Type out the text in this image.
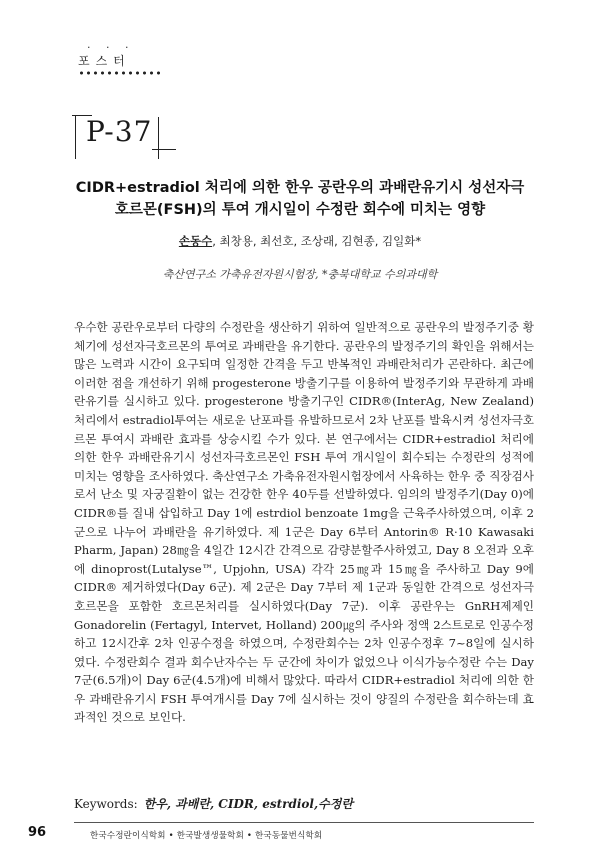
. . .
포스터
P-37
CIDR+estradiol 처리에 의한 한우 공란우의 과배란유기시 성선자극
호르몬(FSH)의 투여 개시일이 수정란 회수에 미치는 영향
손동수, 최창용, 최선호, 조상래, 김현종, 김일화*
축산연구소 가축유전자원시험장, *충북대학교 수의과대학
우수한 공란우로부터 다량의 수정란을 생산하기 위하여 일반적으로 공란우의 발정주기중 황체기에 성선자극호르몬의 투여로 과배란을 유기한다. 공란우의 발정주기의 확인을 위해서는 많은 노력과 시간이 요구되며 일정한 간격을 두고 반복적인 과배란처리가 곤란하다. 최근에 이러한 점을 개선하기 위해 progesterone 방출기구를 이용하여 발정주기와 무관하게 과배란유기를 실시하고 있다. progesterone 방출기구인 CIDR®(InterAg, New Zealand) 처리에서 estradiol투여는 새로운 난포파를 유발하므로서 2차 난포를 발육시켜 성선자극호르몬 투여시 과배란 효과를 상승시킬 수가 있다. 본 연구에서는 CIDR+estradiol 처리에 의한 한우 과배란유기시 성선자극호르몬인 FSH 투여 개시일이 회수되는 수정란의 성적에 미치는 영향을 조사하였다. 축산연구소 가축유전자원시험장에서 사육하는 한우 중 직장검사로서 난소 및 자궁질환이 없는 건강한 한우 40두를 선발하였다. 임의의 발정주기(Day 0)에 CIDR®를 질내 삽입하고 Day 1에 estrdiol benzoate 1mg을 근육주사하였으며, 이후 2군으로 나누어 과배란을 유기하였다. 제 1군은 Day 6부터 Antorin® R·10 Kawasaki Pharm, Japan) 28㎎을 4일간 12시간 간격으로 감량분할주사하였고, Day 8 오전과 오후에 dinoprost(Lutalyse™, Upjohn, USA) 각각 25㎎과 15㎎을 주사하고 Day 9에 CIDR® 제거하였다(Day 6군). 제 2군은 Day 7부터 제 1군과 동일한 간격으로 성선자극호르몬을 포함한 호르몬처리를 실시하였다(Day 7군). 이후 공란우는 GnRH제제인 Gonadorelin (Fertagyl, Intervet, Holland) 200㎍의 주사와 정액 2스트로로 인공수정하고 12시간후 2차 인공수정을 하였으며, 수정란회수는 2차 인공수정후 7~8일에 실시하였다. 수정란회수 결과 회수난자수는 두 군간에 차이가 없었으나 이식가능수정란 수는 Day 7군(6.5개)이 Day 6군(4.5개)에 비해서 많았다. 따라서 CIDR+estradiol 처리에 의한 한우 과배란유기시 FSH 투여개시를 Day 7에 실시하는 것이 양질의 수정란을 회수하는데 효과적인 것으로 보인다.
Keywords: 한우, 과배란, CIDR, estrdiol,수정란
96	한국수정란이식학회 • 한국발생생물학회 • 한국동물번식학회
